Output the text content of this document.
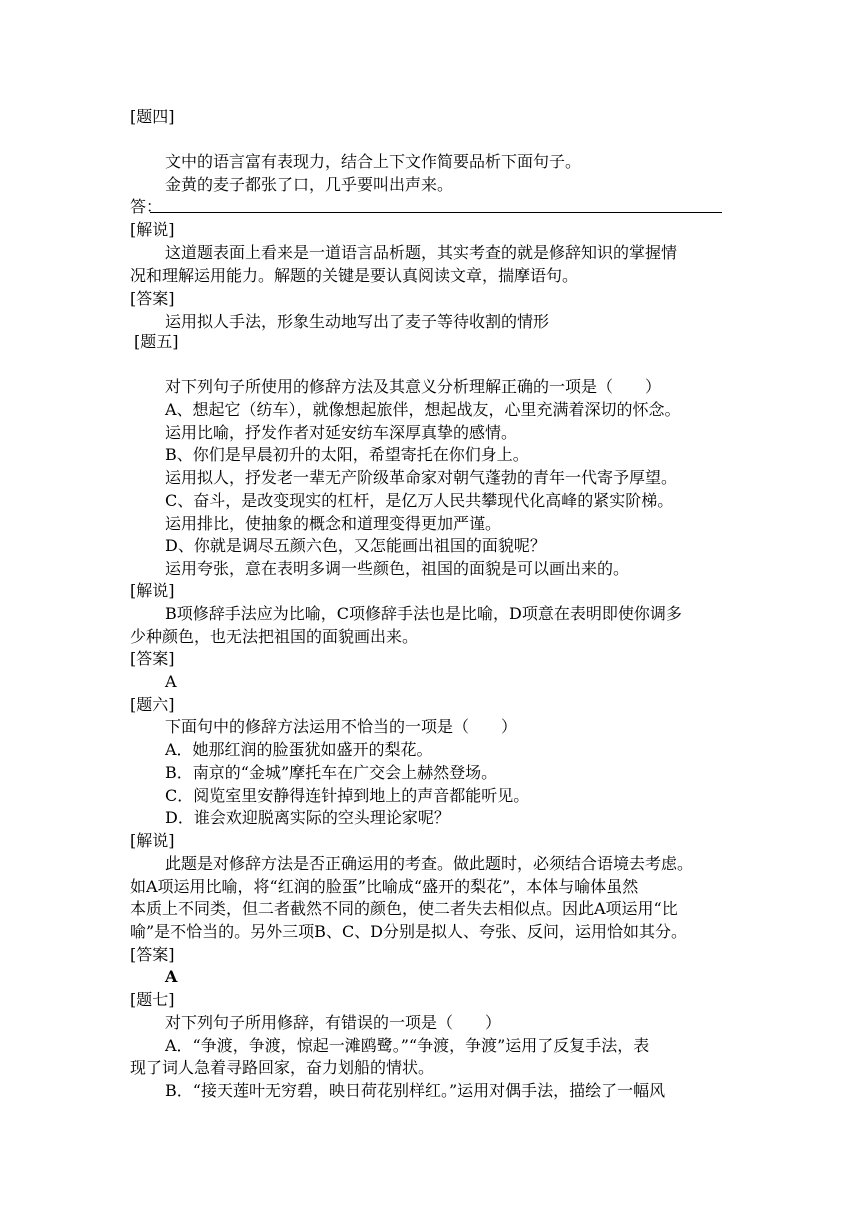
[题四]
文中的语言富有表现力，结合上下文作简要品析下面句子。
金黄的麦子都张了口，几乎要叫出声来。
答：
[解说]
这道题表面上看来是一道语言品析题，其实考查的就是修辞知识的掌握情
况和理解运用能力。解题的关键是要认真阅读文章，揣摩语句。
[答案]
运用拟人手法，形象生动地写出了麦子等待收割的情形
[题五]
对下列句子所使用的修辞方法及其意义分析理解正确的一项是（　　）
A、想起它（纺车），就像想起旅伴，想起战友，心里充满着深切的怀念。
运用比喻，抒发作者对延安纺车深厚真挚的感情。
B、你们是早晨初升的太阳，希望寄托在你们身上。
运用拟人，抒发老一辈无产阶级革命家对朝气蓬勃的青年一代寄予厚望。
C、奋斗，是改变现实的杠杆，是亿万人民共攀现代化高峰的紧实阶梯。
运用排比，使抽象的概念和道理变得更加严谨。
D、你就是调尽五颜六色，又怎能画出祖国的面貌呢？
运用夸张，意在表明多调一些颜色，祖国的面貌是可以画出来的。
[解说]
B项修辞手法应为比喻，C项修辞手法也是比喻，D项意在表明即使你调多
少种颜色，也无法把祖国的面貌画出来。
[答案]
A
[题六]
下面句中的修辞方法运用不恰当的一项是（　　）
A．她那红润的脸蛋犹如盛开的梨花。
B．南京的“金城”摩托车在广交会上赫然登场。
C．阅览室里安静得连针掉到地上的声音都能听见。
D．谁会欢迎脱离实际的空头理论家呢？
[解说]
此题是对修辞方法是否正确运用的考查。做此题时，必须结合语境去考虑。
如A项运用比喻，将“红润的脸蛋”比喻成“盛开的梨花”，本体与喻体虽然
本质上不同类，但二者截然不同的颜色，使二者失去相似点。因此A项运用“比
喻”是不恰当的。另外三项B、C、D分别是拟人、夸张、反问，运用恰如其分。
[答案]
A
[题七]
对下列句子所用修辞，有错误的一项是（　　）
A．“争渡，争渡，惊起一滩鸥鹭。”“争渡，争渡”运用了反复手法，表
现了词人急着寻路回家，奋力划船的情状。
B．“接天莲叶无穷碧，映日荷花别样红。”运用对偶手法，描绘了一幅风
